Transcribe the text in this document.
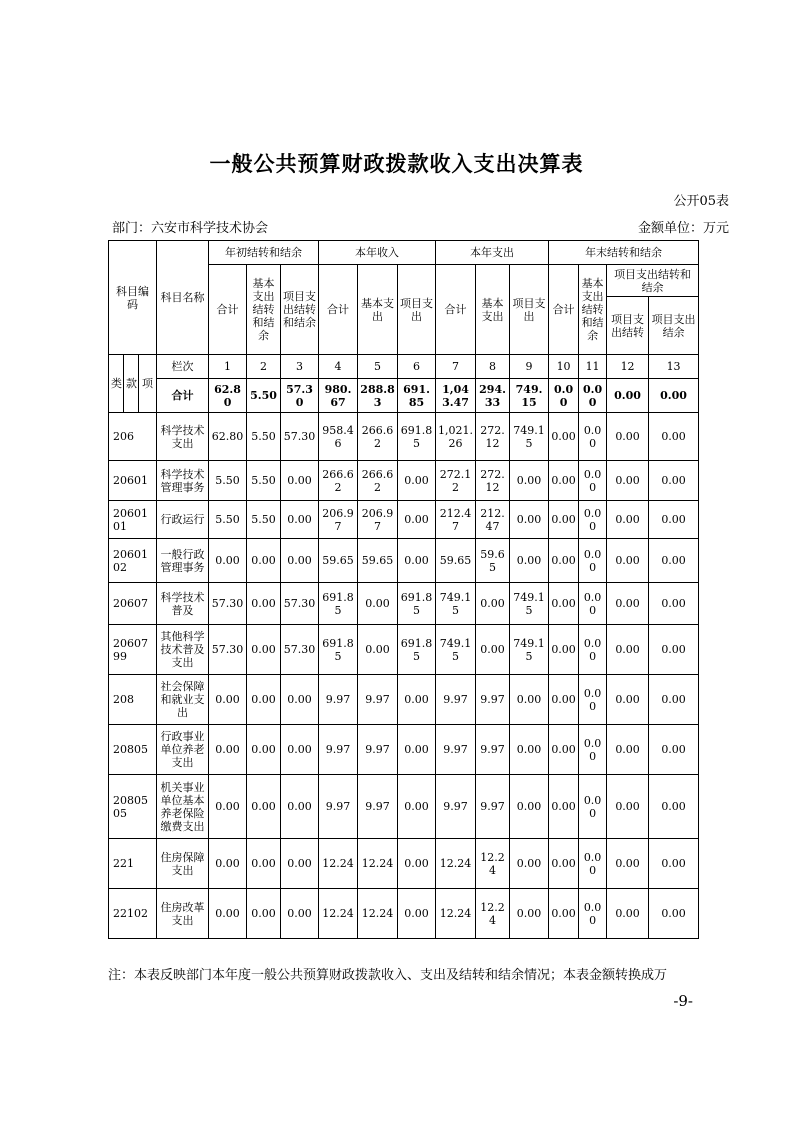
一般公共预算财政拨款收入支出决算表
公开05表
部门：六安市科学技术协会	金额单位：万元
科目编码			科目名称	年初结转和结余			本年收入			本年支出			年末结转和结余			
				合计	基本支出结转和结余	项目支出结转和结余	合计	基本支出	项目支出	合计	基本支出	项目支出	合计	基本支出结转和结余	项目支出结转和结余	
															项目支出结转	项目支出结余
类	款	项	栏次	1	2	3	4	5	6	7	8	9	10	11	12	13
			合计	62.80	5.50	57.30	980.67	288.83	691.85	1,043.47	294.33	749.15	0.00	0.00	0.00	0.00
206			科学技术支出	62.80	5.50	57.30	958.46	266.62	691.85	1,021.26	272.12	749.15	0.00	0.00	0.00	0.00
20601			科学技术管理事务	5.50	5.50	0.00	266.62	266.62	0.00	272.12	272.12	0.00	0.00	0.00	0.00	0.00
2060101			行政运行	5.50	5.50	0.00	206.97	206.97	0.00	212.47	212.47	0.00	0.00	0.00	0.00	0.00
2060102			一般行政管理事务	0.00	0.00	0.00	59.65	59.65	0.00	59.65	59.65	0.00	0.00	0.00	0.00	0.00
20607			科学技术普及	57.30	0.00	57.30	691.85	0.00	691.85	749.15	0.00	749.15	0.00	0.00	0.00	0.00
2060799			其他科学技术普及支出	57.30	0.00	57.30	691.85	0.00	691.85	749.15	0.00	749.15	0.00	0.00	0.00	0.00
208			社会保障和就业支出	0.00	0.00	0.00	9.97	9.97	0.00	9.97	9.97	0.00	0.00	0.00	0.00	0.00
20805			行政事业单位养老支出	0.00	0.00	0.00	9.97	9.97	0.00	9.97	9.97	0.00	0.00	0.00	0.00	0.00
2080505			机关事业单位基本养老保险缴费支出	0.00	0.00	0.00	9.97	9.97	0.00	9.97	9.97	0.00	0.00	0.00	0.00	0.00
221			住房保障支出	0.00	0.00	0.00	12.24	12.24	0.00	12.24	12.24	0.00	0.00	0.00	0.00	0.00
22102			住房改革支出	0.00	0.00	0.00	12.24	12.24	0.00	12.24	12.24	0.00	0.00	0.00	0.00	0.00
注：本表反映部门本年度一般公共预算财政拨款收入、支出及结转和结余情况；本表金额转换成万
-9-
